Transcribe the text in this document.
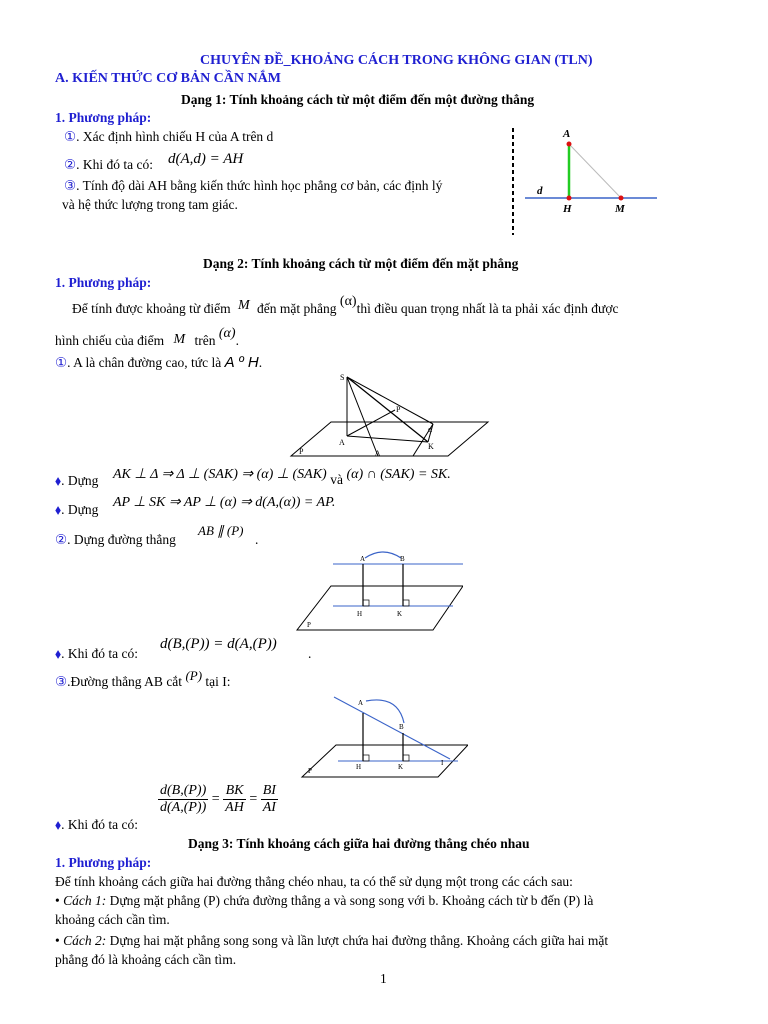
CHUYÊN ĐỀ_KHOẢNG CÁCH TRONG KHÔNG GIAN (TLN)
A. KIẾN THỨC CƠ BẢN CẦN NẮM
Dạng 1: Tính khoảng cách từ một điểm đến một đường thẳng
1. Phương pháp:
①. Xác định hình chiếu H của A trên d
②. Khi đó ta có: d(A,d) = AH
③. Tính độ dài AH bằng kiến thức hình học phẳng cơ bản, các định lý
và hệ thức lượng trong tam giác.
A
d
H	M
Dạng 2: Tính khoảng cách từ một điểm đến mặt phẳng
1. Phương pháp:
Để tính được khoảng từ điểm M đến mặt phẳng (α)thì điều quan trọng nhất là ta phải xác định được
hình chiếu của điểm M trên (α).
①. A là chân đường cao, tức là A º H.
S
P
α
A	K
Δ
P
⬧. Dựng AK ⊥ Δ ⇒ Δ ⊥ (SAK) ⇒ (α) ⊥ (SAK) và (α) ∩ (SAK) = SK.
⬧. Dựng AP ⊥ SK ⇒ AP ⊥ (α) ⇒ d(A,(α)) = AP.
②. Dựng đường thẳng
AB ∥ (P)
.
A	B
H	K
P
⬧. Khi đó ta có:
d(B,(P)) = d(A,(P))
.
③.Đường thẳng AB cắt (P) tại I:
A
B
H	K	I
P
⬧. Khi đó ta có:
$\frac{d(B,(P))}{d(A,(P))} = \frac{BK}{AH} = \frac{BI}{AI}$
Dạng 3: Tính khoảng cách giữa hai đường thẳng chéo nhau
1. Phương pháp:
Để tính khoảng cách giữa hai đường thẳng chéo nhau, ta có thể sử dụng một trong các cách sau:
• Cách 1: Dựng mặt phẳng (P) chứa đường thẳng a và song song với b. Khoảng cách từ b đến (P) là
khoảng cách cần tìm.
• Cách 2: Dựng hai mặt phẳng song song và lần lượt chứa hai đường thẳng. Khoảng cách giữa hai mặt
phẳng đó là khoảng cách cần tìm.
1
